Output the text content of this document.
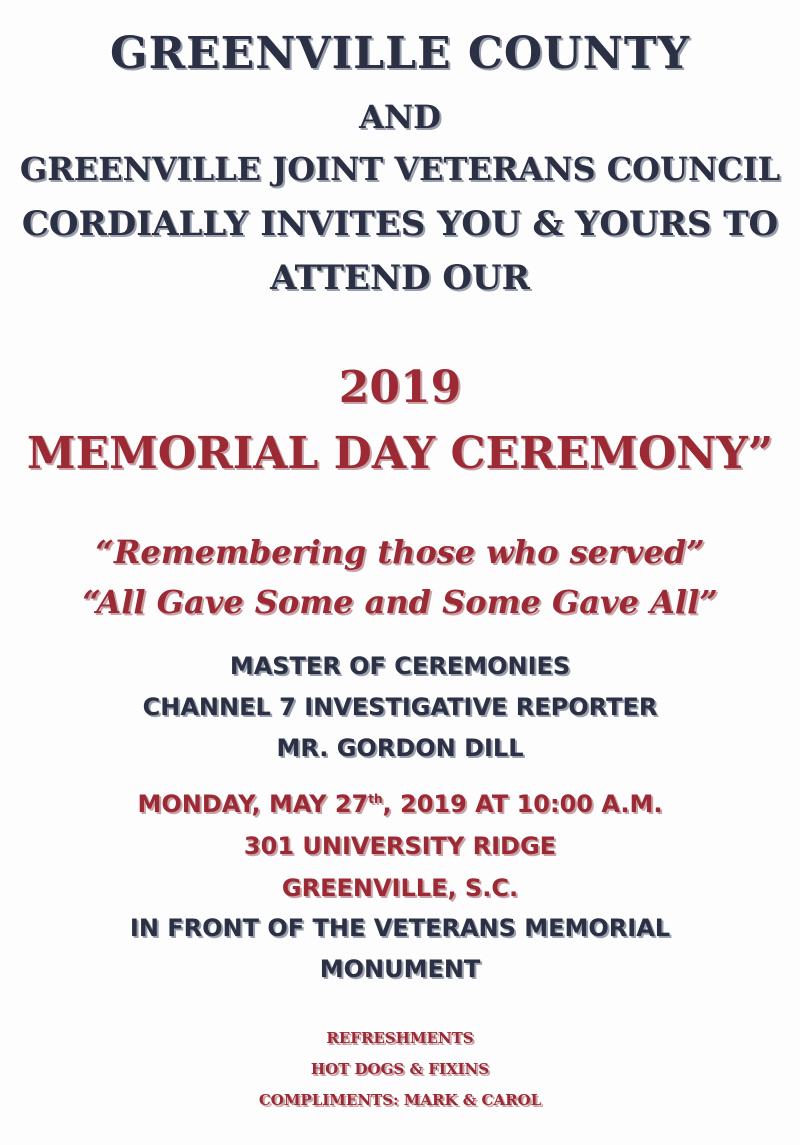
GREENVILLE COUNTY
AND
GREENVILLE JOINT VETERANS COUNCIL
CORDIALLY INVITES YOU & YOURS TO
ATTEND OUR
2019
MEMORIAL DAY CEREMONY”
“Remembering those who served”
“All Gave Some and Some Gave All”
MASTER OF CEREMONIES
CHANNEL 7 INVESTIGATIVE REPORTER
MR. GORDON DILL
MONDAY, MAY 27th, 2019 AT 10:00 A.M.
301 UNIVERSITY RIDGE
GREENVILLE, S.C.
IN FRONT OF THE VETERANS MEMORIAL
MONUMENT
REFRESHMENTS
HOT DOGS & FIXINS
COMPLIMENTS: MARK & CAROL
